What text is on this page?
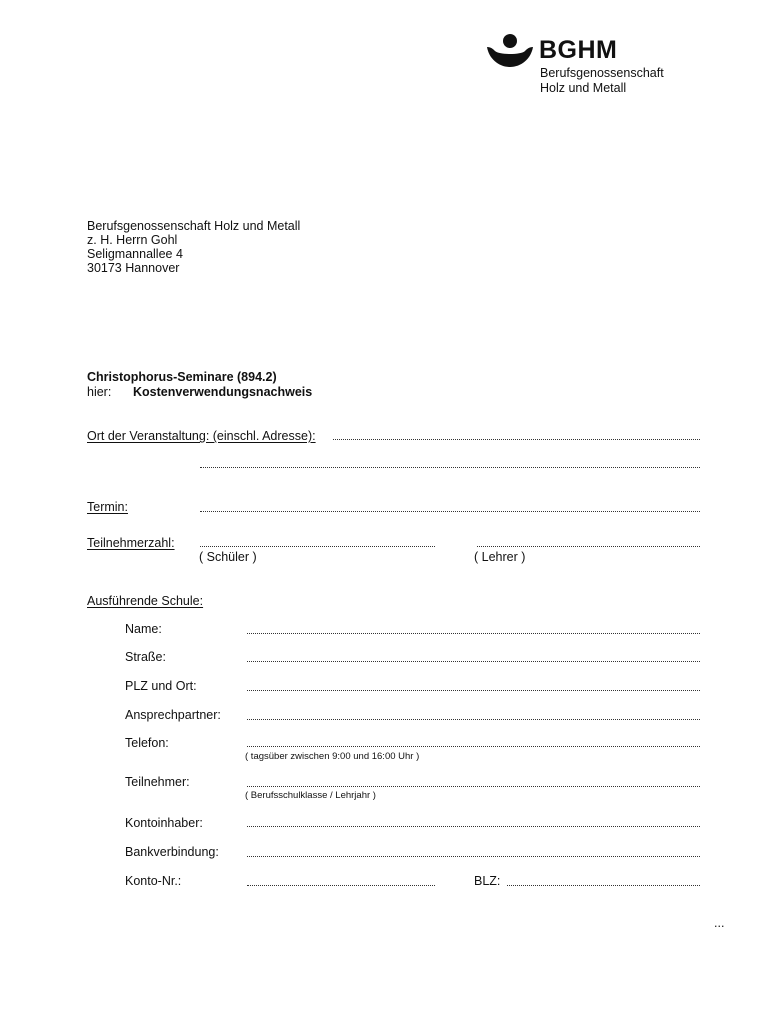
BGHM
Berufsgenossenschaft
Holz und Metall
Berufsgenossenschaft Holz und Metall
z. H. Herrn Gohl
Seligmannallee 4
30173 Hannover
Christophorus-Seminare (894.2)
hier: Kostenverwendungsnachweis
Ort der Veranstaltung: (einschl. Adresse):
Termin:
Teilnehmerzahl:
( Schüler )	( Lehrer )
Ausführende Schule:
Name:
Straße:
PLZ und Ort:
Ansprechpartner:
Telefon:
( tagsüber zwischen 9:00 und 16:00 Uhr )
Teilnehmer:
( Berufsschulklasse / Lehrjahr )
Kontoinhaber:
Bankverbindung:
Konto-Nr.:	BLZ:
...
